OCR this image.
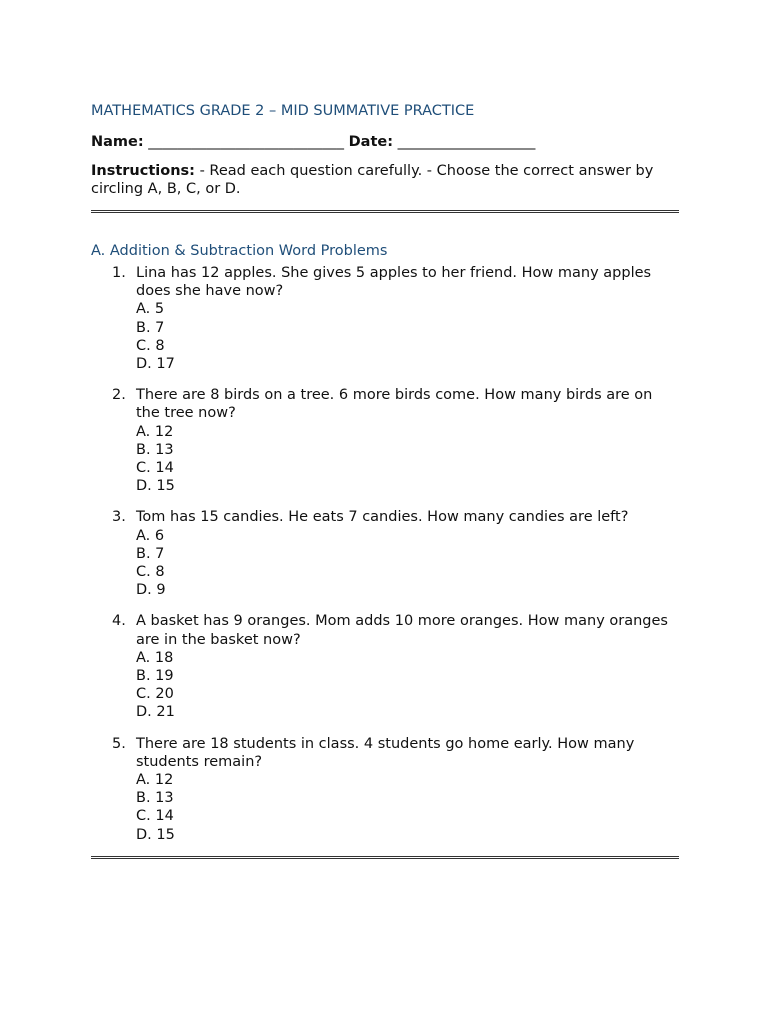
MATHEMATICS GRADE 2 – MID SUMMATIVE PRACTICE
Name: ___________________________ Date: ___________________
Instructions: - Read each question carefully. - Choose the correct answer by circling A, B, C, or D.
A. Addition & Subtraction Word Problems
1. Lina has 12 apples. She gives 5 apples to her friend. How many apples does she have now?
A. 5
B. 7
C. 8
D. 17
2. There are 8 birds on a tree. 6 more birds come. How many birds are on the tree now?
A. 12
B. 13
C. 14
D. 15
3. Tom has 15 candies. He eats 7 candies. How many candies are left?
A. 6
B. 7
C. 8
D. 9
4. A basket has 9 oranges. Mom adds 10 more oranges. How many oranges are in the basket now?
A. 18
B. 19
C. 20
D. 21
5. There are 18 students in class. 4 students go home early. How many students remain?
A. 12
B. 13
C. 14
D. 15
